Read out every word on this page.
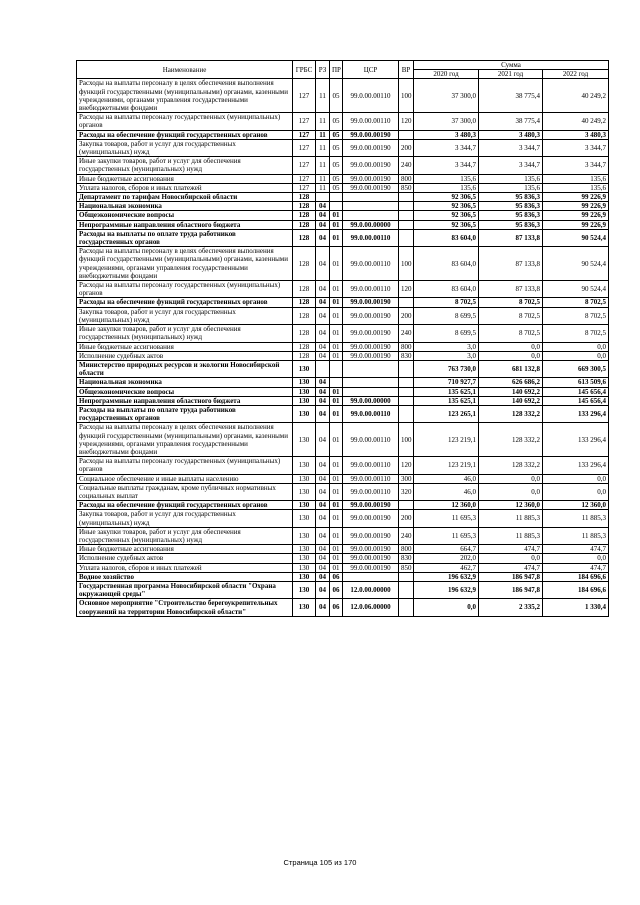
Наименование	ГРБС	РЗ	ПР	ЦСР	ВР	Сумма		
						2020 год	2021 год	2022 год
Расходы на выплаты персоналу в целях обеспечения выполнения функций государственными (муниципальными) органами, казенными учреждениями, органами управления государственными внебюджетными фондами	127	11	05	99.0.00.00110	100	37 300,0	38 775,4	40 249,2
Расходы на выплаты персоналу государственных (муниципальных) органов	127	11	05	99.0.00.00110	120	37 300,0	38 775,4	40 249,2
Расходы на обеспечение функций государственных органов	127	11	05	99.0.00.00190		3 480,3	3 480,3	3 480,3
Закупка товаров, работ и услуг для государственных (муниципальных) нужд	127	11	05	99.0.00.00190	200	3 344,7	3 344,7	3 344,7
Иные закупки товаров, работ и услуг для обеспечения государственных (муниципальных) нужд	127	11	05	99.0.00.00190	240	3 344,7	3 344,7	3 344,7
Иные бюджетные ассигнования	127	11	05	99.0.00.00190	800	135,6	135,6	135,6
Уплата налогов, сборов и иных платежей	127	11	05	99.0.00.00190	850	135,6	135,6	135,6
Департамент по тарифам Новосибирской области	128					92 306,5	95 836,3	99 226,9
Национальная экономика	128	04				92 306,5	95 836,3	99 226,9
Общеэкономические вопросы	128	04	01			92 306,5	95 836,3	99 226,9
Непрограммные направления областного бюджета	128	04	01	99.0.00.00000		92 306,5	95 836,3	99 226,9
Расходы на выплаты по оплате труда работников государственных органов	128	04	01	99.0.00.00110		83 604,0	87 133,8	90 524,4
Расходы на выплаты персоналу в целях обеспечения выполнения функций государственными (муниципальными) органами, казенными учреждениями, органами управления государственными внебюджетными фондами	128	04	01	99.0.00.00110	100	83 604,0	87 133,8	90 524,4
Расходы на выплаты персоналу государственных (муниципальных) органов	128	04	01	99.0.00.00110	120	83 604,0	87 133,8	90 524,4
Расходы на обеспечение функций государственных органов	128	04	01	99.0.00.00190		8 702,5	8 702,5	8 702,5
Закупка товаров, работ и услуг для государственных (муниципальных) нужд	128	04	01	99.0.00.00190	200	8 699,5	8 702,5	8 702,5
Иные закупки товаров, работ и услуг для обеспечения государственных (муниципальных) нужд	128	04	01	99.0.00.00190	240	8 699,5	8 702,5	8 702,5
Иные бюджетные ассигнования	128	04	01	99.0.00.00190	800	3,0	0,0	0,0
Исполнение судебных актов	128	04	01	99.0.00.00190	830	3,0	0,0	0,0
Министерство природных ресурсов и экологии Новосибирской области	130					763 730,0	681 132,8	669 300,5
Национальная экономика	130	04				710 927,7	626 686,2	613 509,6
Общеэкономические вопросы	130	04	01			135 625,1	140 692,2	145 656,4
Непрограммные направления областного бюджета	130	04	01	99.0.00.00000		135 625,1	140 692,2	145 656,4
Расходы на выплаты по оплате труда работников государственных органов	130	04	01	99.0.00.00110		123 265,1	128 332,2	133 296,4
Расходы на выплаты персоналу в целях обеспечения выполнения функций государственными (муниципальными) органами, казенными учреждениями, органами управления государственными внебюджетными фондами	130	04	01	99.0.00.00110	100	123 219,1	128 332,2	133 296,4
Расходы на выплаты персоналу государственных (муниципальных) органов	130	04	01	99.0.00.00110	120	123 219,1	128 332,2	133 296,4
Социальное обеспечение и иные выплаты населению	130	04	01	99.0.00.00110	300	46,0	0,0	0,0
Социальные выплаты гражданам, кроме публичных нормативных социальных выплат	130	04	01	99.0.00.00110	320	46,0	0,0	0,0
Расходы на обеспечение функций государственных органов	130	04	01	99.0.00.00190		12 360,0	12 360,0	12 360,0
Закупка товаров, работ и услуг для государственных (муниципальных) нужд	130	04	01	99.0.00.00190	200	11 695,3	11 885,3	11 885,3
Иные закупки товаров, работ и услуг для обеспечения государственных (муниципальных) нужд	130	04	01	99.0.00.00190	240	11 695,3	11 885,3	11 885,3
Иные бюджетные ассигнования	130	04	01	99.0.00.00190	800	664,7	474,7	474,7
Исполнение судебных актов	130	04	01	99.0.00.00190	830	202,0	0,0	0,0
Уплата налогов, сборов и иных платежей	130	04	01	99.0.00.00190	850	462,7	474,7	474,7
Водное хозяйство	130	04	06			196 632,9	186 947,8	184 696,6
Государственная программа Новосибирской области "Охрана окружающей среды"	130	04	06	12.0.00.00000		196 632,9	186 947,8	184 696,6
Основное мероприятие "Строительство берегоукрепительных сооружений на территории Новосибирской области"	130	04	06	12.0.06.00000		0,0	2 335,2	1 330,4
Страница 105 из 170
